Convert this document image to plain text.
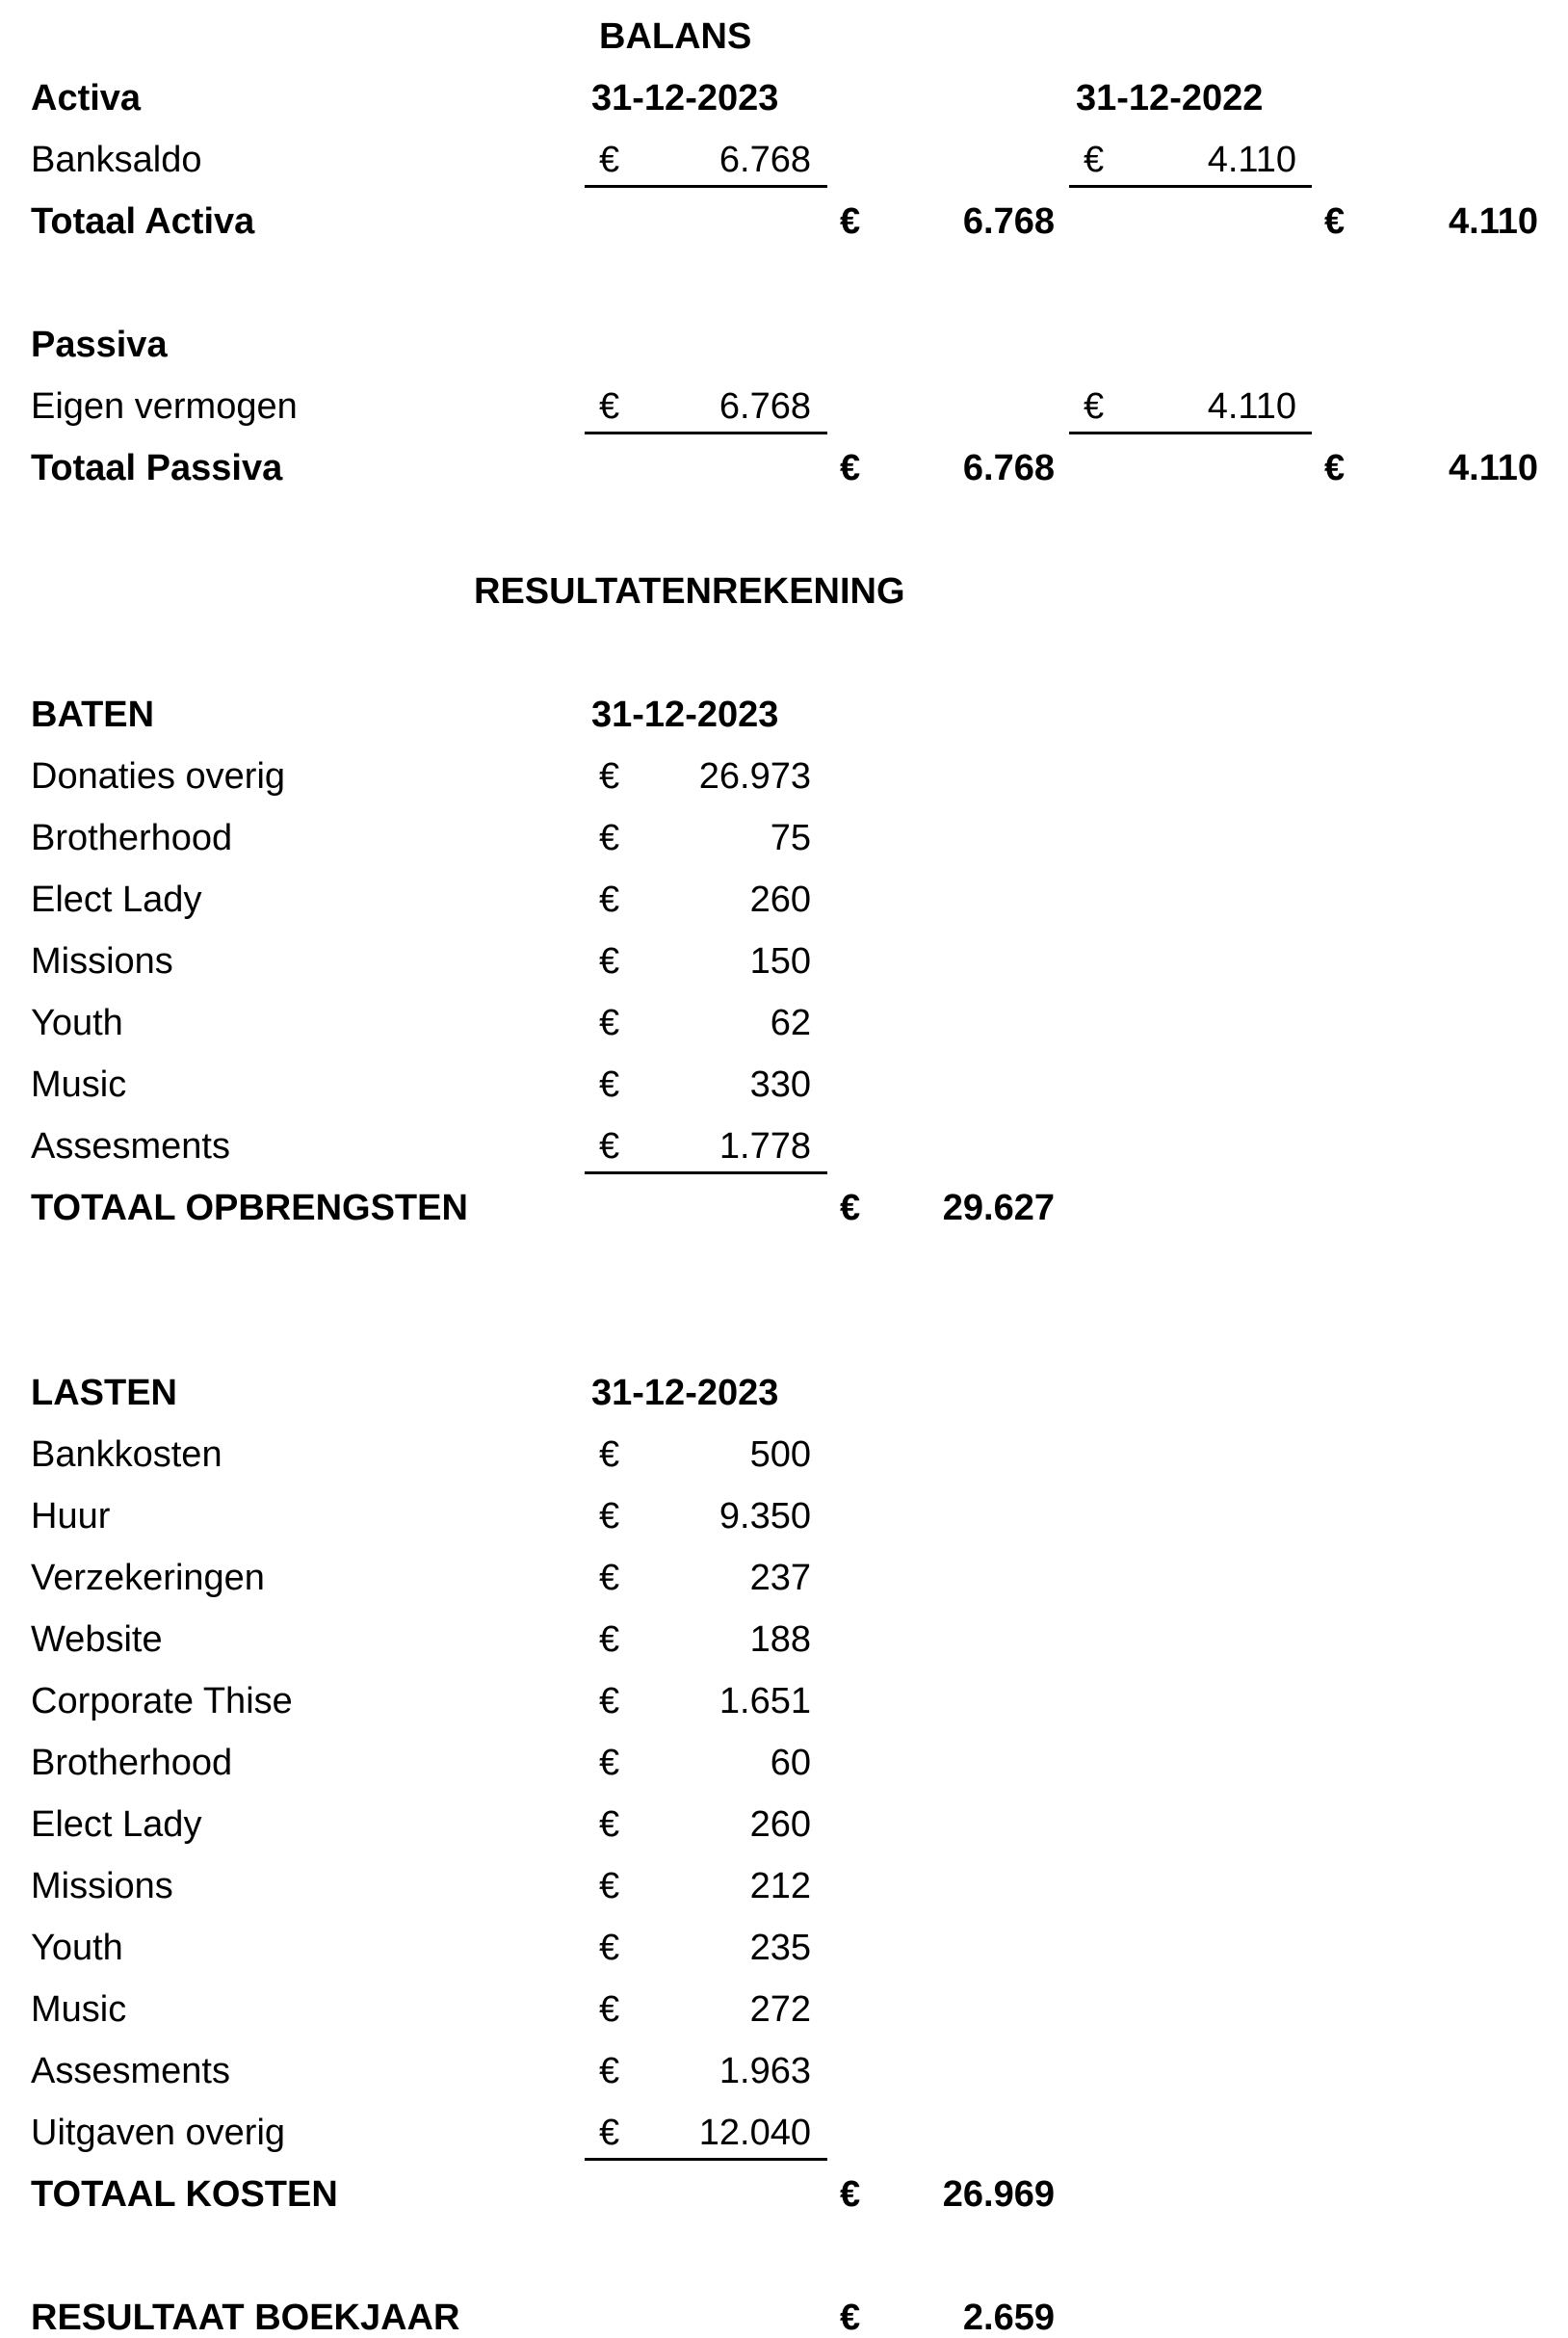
BALANS
Activa	31-12-2023	31-12-2022
Banksaldo	€	6.768	€	4.110
Totaal Activa	€	6.768	€	4.110
Passiva
Eigen vermogen	€	6.768	€	4.110
Totaal Passiva	€	6.768	€	4.110
RESULTATENREKENING
BATEN	31-12-2023
Donaties overig	€	26.973
Brotherhood	€	75
Elect Lady	€	260
Missions	€	150
Youth	€	62
Music	€	330
Assesments	€	1.778
TOTAAL OPBRENGSTEN	€	29.627
LASTEN	31-12-2023
Bankkosten	€	500
Huur	€	9.350
Verzekeringen	€	237
Website	€	188
Corporate Thise	€	1.651
Brotherhood	€	60
Elect Lady	€	260
Missions	€	212
Youth	€	235
Music	€	272
Assesments	€	1.963
Uitgaven overig	€	12.040
TOTAAL KOSTEN	€	26.969
RESULTAAT BOEKJAAR	€	2.659
